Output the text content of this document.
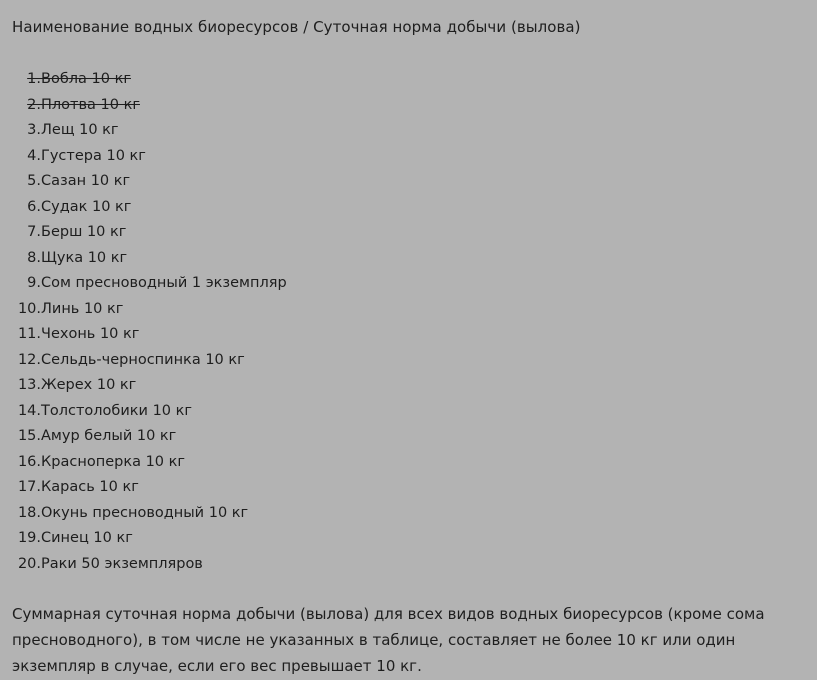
Наименование водных биоресурсов / Суточная норма добычи (вылова)
1. Вобла 10 кг
2. Плотва 10 кг
3. Лещ 10 кг
4. Густера 10 кг
5. Сазан 10 кг
6. Судак 10 кг
7. Берш 10 кг
8. Щука 10 кг
9. Сом пресноводный 1 экземпляр
10. Линь 10 кг
11. Чехонь 10 кг
12. Сельдь-черноспинка 10 кг
13. Жерех 10 кг
14. Толстолобики 10 кг
15. Амур белый 10 кг
16. Красноперка 10 кг
17. Карась 10 кг
18. Окунь пресноводный 10 кг
19. Синец 10 кг
20. Раки 50 экземпляров

Суммарная суточная норма добычи (вылова) для всех видов водных биоресурсов (кроме сома пресноводного), в том числе не указанных в таблице, составляет не более 10 кг или один экземпляр в случае, если его вес превышает 10 кг.
